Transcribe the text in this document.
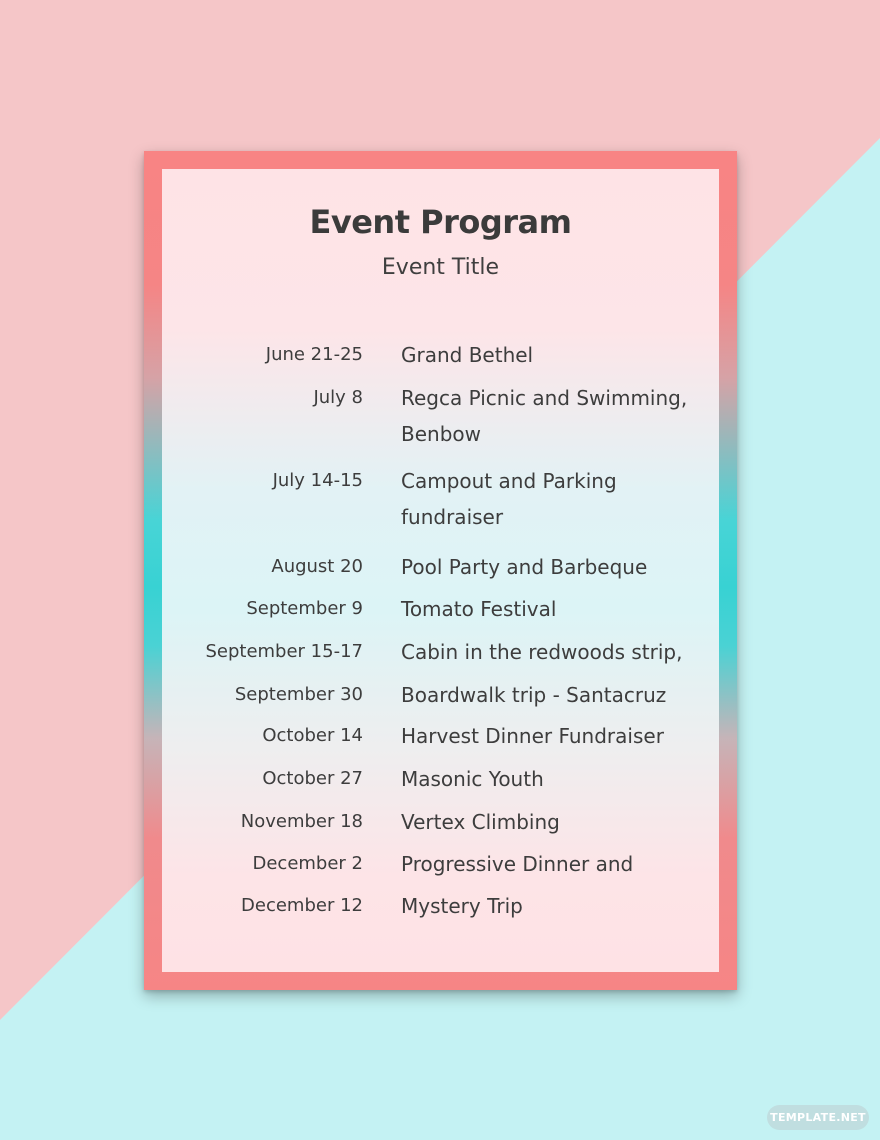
Event Program
Event Title
June 21-25 Grand Bethel
July 8 Regca Picnic and Swimming, Benbow
July 14-15 Campout and Parking fundraiser
August 20 Pool Party and Barbeque
September 9 Tomato Festival
September 15-17 Cabin in the redwoods strip,
September 30 Boardwalk trip - Santacruz
October 14 Harvest Dinner Fundraiser
October 27 Masonic Youth
November 18 Vertex Climbing
December 2 Progressive Dinner and
December 12 Mystery Trip
TEMPLATE.NET
